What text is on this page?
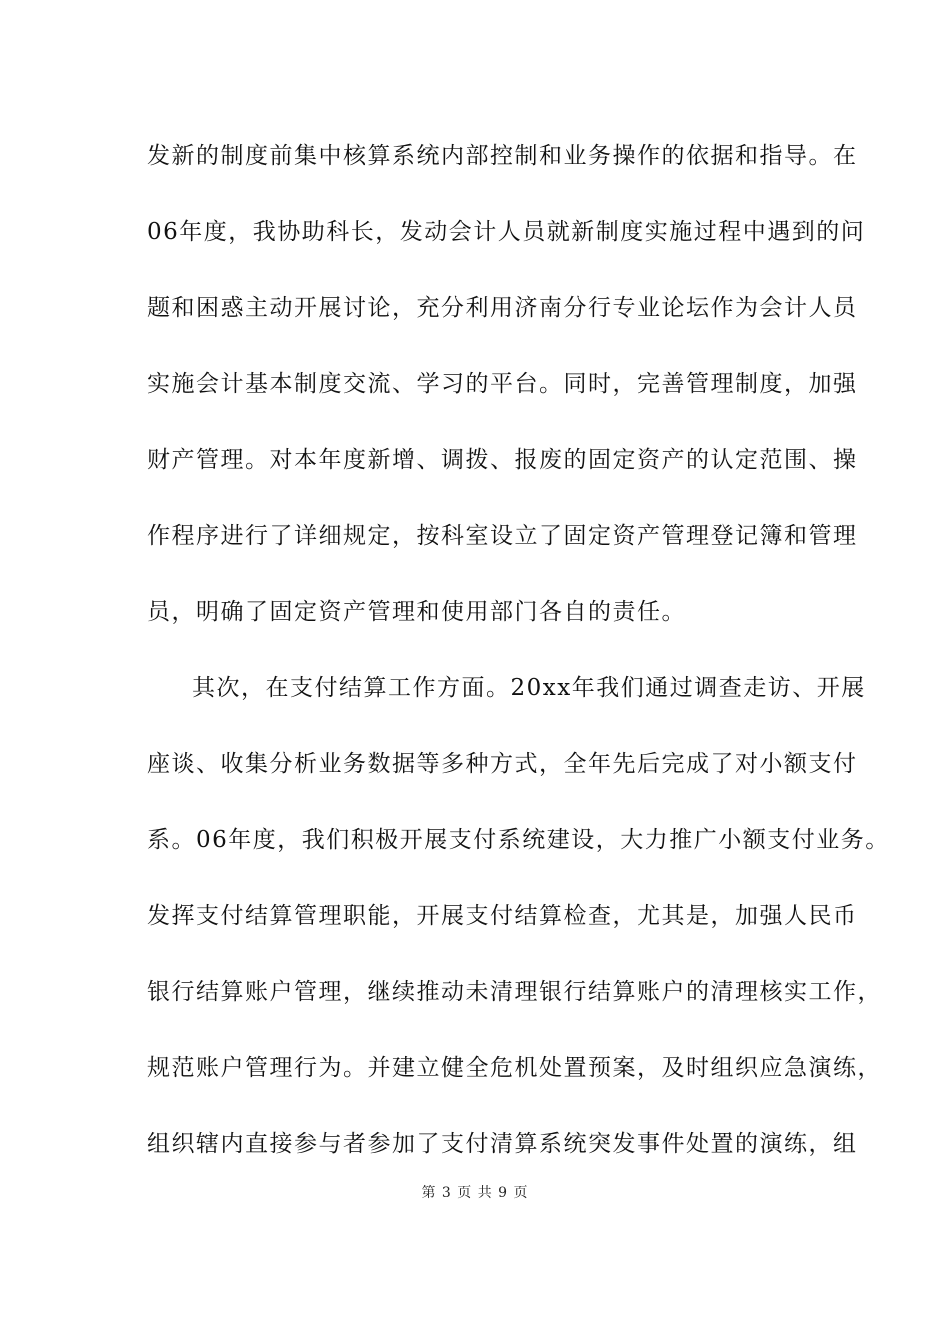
发新的制度前集中核算系统内部控制和业务操作的依据和指导。在
06年度，我协助科长，发动会计人员就新制度实施过程中遇到的问
题和困惑主动开展讨论，充分利用济南分行专业论坛作为会计人员
实施会计基本制度交流、学习的平台。同时，完善管理制度，加强
财产管理。对本年度新增、调拨、报废的固定资产的认定范围、操
作程序进行了详细规定，按科室设立了固定资产管理登记簿和管理
员，明确了固定资产管理和使用部门各自的责任。
其次，在支付结算工作方面。20xx年我们通过调查走访、开展
座谈、收集分析业务数据等多种方式，全年先后完成了对小额支付
系。06年度，我们积极开展支付系统建设，大力推广小额支付业务。
发挥支付结算管理职能，开展支付结算检查，尤其是，加强人民币
银行结算账户管理，继续推动未清理银行结算账户的清理核实工作，
规范账户管理行为。并建立健全危机处置预案，及时组织应急演练，
组织辖内直接参与者参加了支付清算系统突发事件处置的演练，组
第 3 页 共 9 页
